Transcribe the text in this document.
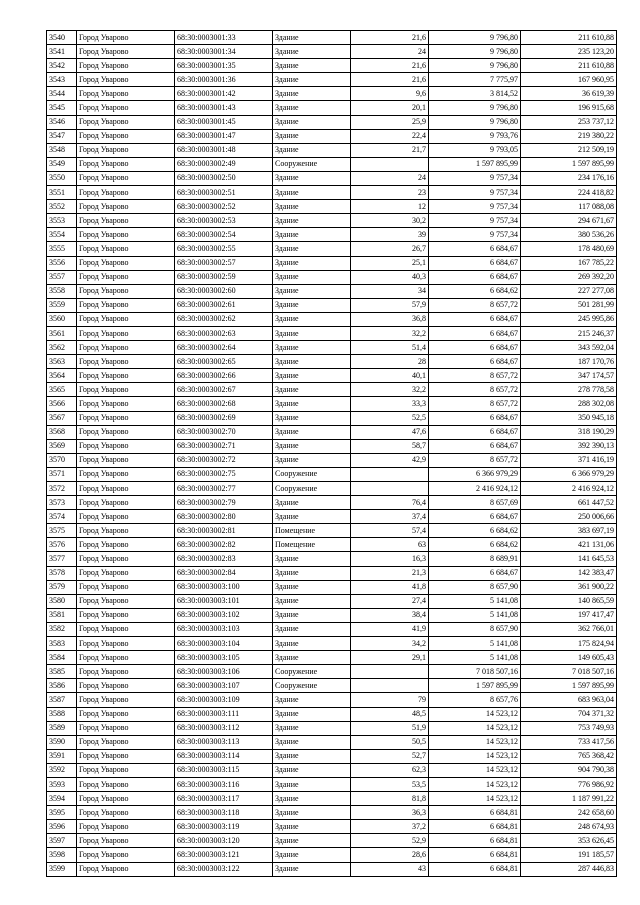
3540	Город Уварово	68:30:0003001:33	Здание	21,6	9 796,80	211 610,88
3541	Город Уварово	68:30:0003001:34	Здание	24	9 796,80	235 123,20
3542	Город Уварово	68:30:0003001:35	Здание	21,6	9 796,80	211 610,88
3543	Город Уварово	68:30:0003001:36	Здание	21,6	7 775,97	167 960,95
3544	Город Уварово	68:30:0003001:42	Здание	9,6	3 814,52	36 619,39
3545	Город Уварово	68:30:0003001:43	Здание	20,1	9 796,80	196 915,68
3546	Город Уварово	68:30:0003001:45	Здание	25,9	9 796,80	253 737,12
3547	Город Уварово	68:30:0003001:47	Здание	22,4	9 793,76	219 380,22
3548	Город Уварово	68:30:0003001:48	Здание	21,7	9 793,05	212 509,19
3549	Город Уварово	68:30:0003002:49	Сооружение		1 597 895,99	1 597 895,99
3550	Город Уварово	68:30:0003002:50	Здание	24	9 757,34	234 176,16
3551	Город Уварово	68:30:0003002:51	Здание	23	9 757,34	224 418,82
3552	Город Уварово	68:30:0003002:52	Здание	12	9 757,34	117 088,08
3553	Город Уварово	68:30:0003002:53	Здание	30,2	9 757,34	294 671,67
3554	Город Уварово	68:30:0003002:54	Здание	39	9 757,34	380 536,26
3555	Город Уварово	68:30:0003002:55	Здание	26,7	6 684,67	178 480,69
3556	Город Уварово	68:30:0003002:57	Здание	25,1	6 684,67	167 785,22
3557	Город Уварово	68:30:0003002:59	Здание	40,3	6 684,67	269 392,20
3558	Город Уварово	68:30:0003002:60	Здание	34	6 684,62	227 277,08
3559	Город Уварово	68:30:0003002:61	Здание	57,9	8 657,72	501 281,99
3560	Город Уварово	68:30:0003002:62	Здание	36,8	6 684,67	245 995,86
3561	Город Уварово	68:30:0003002:63	Здание	32,2	6 684,67	215 246,37
3562	Город Уварово	68:30:0003002:64	Здание	51,4	6 684,67	343 592,04
3563	Город Уварово	68:30:0003002:65	Здание	28	6 684,67	187 170,76
3564	Город Уварово	68:30:0003002:66	Здание	40,1	8 657,72	347 174,57
3565	Город Уварово	68:30:0003002:67	Здание	32,2	8 657,72	278 778,58
3566	Город Уварово	68:30:0003002:68	Здание	33,3	8 657,72	288 302,08
3567	Город Уварово	68:30:0003002:69	Здание	52,5	6 684,67	350 945,18
3568	Город Уварово	68:30:0003002:70	Здание	47,6	6 684,67	318 190,29
3569	Город Уварово	68:30:0003002:71	Здание	58,7	6 684,67	392 390,13
3570	Город Уварово	68:30:0003002:72	Здание	42,9	8 657,72	371 416,19
3571	Город Уварово	68:30:0003002:75	Сооружение		6 366 979,29	6 366 979,29
3572	Город Уварово	68:30:0003002:77	Сооружение		2 416 924,12	2 416 924,12
3573	Город Уварово	68:30:0003002:79	Здание	76,4	8 657,69	661 447,52
3574	Город Уварово	68:30:0003002:80	Здание	37,4	6 684,67	250 006,66
3575	Город Уварово	68:30:0003002:81	Помещение	57,4	6 684,62	383 697,19
3576	Город Уварово	68:30:0003002:82	Помещение	63	6 684,62	421 131,06
3577	Город Уварово	68:30:0003002:83	Здание	16,3	8 689,91	141 645,53
3578	Город Уварово	68:30:0003002:84	Здание	21,3	6 684,67	142 383,47
3579	Город Уварово	68:30:0003003:100	Здание	41,8	8 657,90	361 900,22
3580	Город Уварово	68:30:0003003:101	Здание	27,4	5 141,08	140 865,59
3581	Город Уварово	68:30:0003003:102	Здание	38,4	5 141,08	197 417,47
3582	Город Уварово	68:30:0003003:103	Здание	41,9	8 657,90	362 766,01
3583	Город Уварово	68:30:0003003:104	Здание	34,2	5 141,08	175 824,94
3584	Город Уварово	68:30:0003003:105	Здание	29,1	5 141,08	149 605,43
3585	Город Уварово	68:30:0003003:106	Сооружение		7 018 507,16	7 018 507,16
3586	Город Уварово	68:30:0003003:107	Сооружение		1 597 895,99	1 597 895,99
3587	Город Уварово	68:30:0003003:109	Здание	79	8 657,76	683 963,04
3588	Город Уварово	68:30:0003003:111	Здание	48,5	14 523,12	704 371,32
3589	Город Уварово	68:30:0003003:112	Здание	51,9	14 523,12	753 749,93
3590	Город Уварово	68:30:0003003:113	Здание	50,5	14 523,12	733 417,56
3591	Город Уварово	68:30:0003003:114	Здание	52,7	14 523,12	765 368,42
3592	Город Уварово	68:30:0003003:115	Здание	62,3	14 523,12	904 790,38
3593	Город Уварово	68:30:0003003:116	Здание	53,5	14 523,12	776 986,92
3594	Город Уварово	68:30:0003003:117	Здание	81,8	14 523,12	1 187 991,22
3595	Город Уварово	68:30:0003003:118	Здание	36,3	6 684,81	242 658,60
3596	Город Уварово	68:30:0003003:119	Здание	37,2	6 684,81	248 674,93
3597	Город Уварово	68:30:0003003:120	Здание	52,9	6 684,81	353 626,45
3598	Город Уварово	68:30:0003003:121	Здание	28,6	6 684,81	191 185,57
3599	Город Уварово	68:30:0003003:122	Здание	43	6 684,81	287 446,83
